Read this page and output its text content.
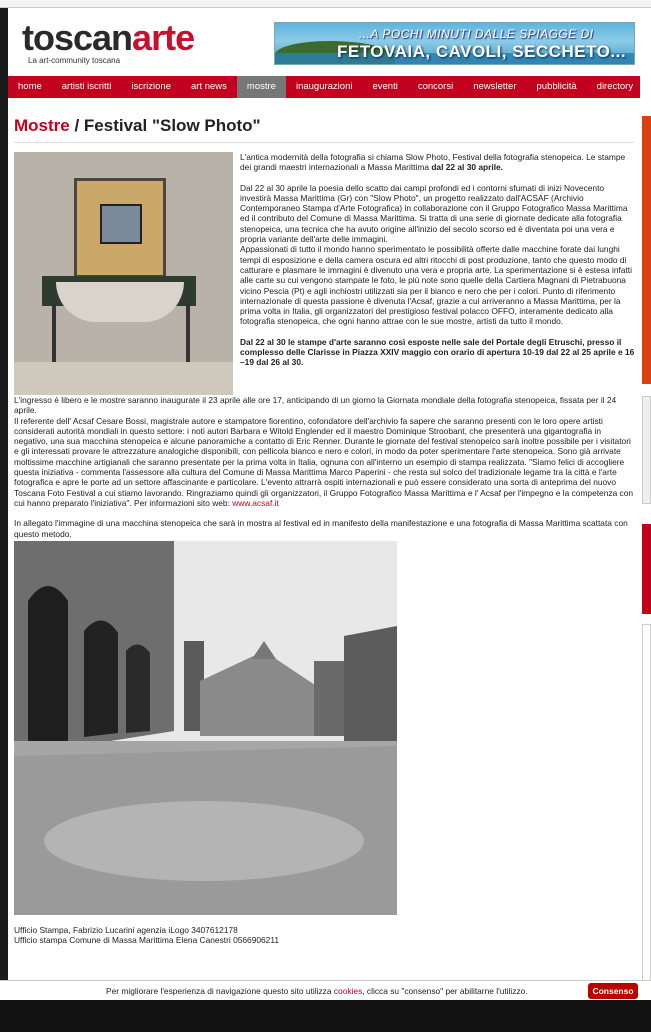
toscanarte
La art-community toscana
...A POCHI MINUTI DALLE SPIAGGE DI
FETOVAIA, CAVOLI, SECCHETO...
home	artisti iscritti	iscrizione	art news	mostre	inaugurazioni	eventi	concorsi	newsletter	pubblicità	directory
Mostre / Festival "Slow Photo"

L'antica modernità della fotografia si chiama Slow Photo, Festival della fotografia stenopeica. Le stampe dei grandi maestri internazionali a Massa Marittima dal 22 al 30 aprile.

Dal 22 al 30 aprile la poesia dello scatto dai campi profondi ed i contorni sfumati di inizi Novecento investirà Massa Marittima (Gr) con "Slow Photo", un progetto realizzato dall'ACSAF (Archivio Contemporaneo Stampa d'Arte Fotografica) in collaborazione con il Gruppo Fotografico Massa Marittima ed il contributo del Comune di Massa Marittima. Si tratta di una serie di giornate dedicate alla fotografia stenopeica, una tecnica che ha avuto origine all'inizio del secolo scorso ed è diventata poi una vera e propria variante dell'arte delle immagini.

Appassionati di tutto il mondo hanno sperimentato le possibilità offerte dalle macchine forate dai lunghi tempi di esposizione e della camera oscura ed altri ritocchi di post produzione, tanto che questo modo di catturare e plasmare le immagini è divenuto una vera e propria arte. La sperimentazione si è estesa infatti alle carte su cui vengono stampate le foto, le più note sono quelle della Cartiera Magnani di Pietrabuona vicino Pescia (Pt) e agli inchiostri utilizzati sia per il bianco e nero che per i colori. Punto di riferimento internazionale di questa passione è divenuta l'Acsaf, grazie a cui arriveranno a Massa Marittima, per la prima volta in Italia, gli organizzatori del prestigioso festival polacco OFFO, interamente dedicato alla fotografia stenopeica, che ogni hanno attrae con le sue mostre, artisti da tutto il mondo.

Dal 22 al 30 le stampe d'arte saranno così esposte nelle sale del Portale degli Etruschi, presso il complesso delle Clarisse in Piazza XXIV maggio con orario di apertura 10-19 dal 22 al 25 aprile e 16 –19 dal 26 al 30.

L'ingresso è libero e le mostre saranno inaugurate il 23 aprile alle ore 17, anticipando di un giorno la Giornata mondiale della fotografia stenopeica, fissata per il 24 aprile.
Il referente dell' Acsaf Cesare Bossi, magistrale autore e stampatore fiorentino, cofondatore dell'archivio fa sapere che saranno presenti con le loro opere artisti considerati autorità mondiali in questo settore: i noti autori Barbara e Witold Englender ed il maestro Dominique Stroobant, che presenterà una gigantografia in negativo, una sua macchina stenopeica e alcune panoramiche a contatto di Eric Renner. Durante le giornate del festival stenopeico sarà inoltre possibile per i visitatori e gli interessati provare le attrezzature analogiche disponibili, con pellicola bianco e nero e colori, in modo da poter sperimentare l'arte stenopeica. Sono già arrivate moltissime macchine artigianali che saranno presentate per la prima volta in Italia, ognuna con all'interno un esempio di stampa realizzata. "Siamo felici di accogliere questa iniziativa - commenta l'assessore alla cultura del Comune di Massa Marittima Marco Paperini - che resta sul solco del tradizionale legame tra la città e l'arte fotografica e apre le porte ad un settore affascinante e particolare. L'evento attrarrà ospiti internazionali e può essere considerato una sorta di anteprima del nuovo Toscana Foto Festival a cui stiamo lavorando. Ringraziamo quindi gli organizzatori, il Gruppo Fotografico Massa Marittima e l' Acsaf per l'impegno e la competenza con cui hanno preparato l'iniziativa". Per informazioni sito web: www.acsaf.it
In allegato l'immagine di una macchina stenopeica che sarà in mostra al festival ed in manifesto della manifestazione e una fotografia di Massa Marittima scattata con questo metodo.
Ufficio Stampa, Fabrizio Lucarini agenzia iLogo 3407612178
Ufficio stampa Comune di Massa Marittima Elena Canestri 0566906211
Per migliorare l'esperienza di navigazione questo sito utilizza cookies, clicca su "consenso" per abilitarne l'utilizzo.	Consenso
